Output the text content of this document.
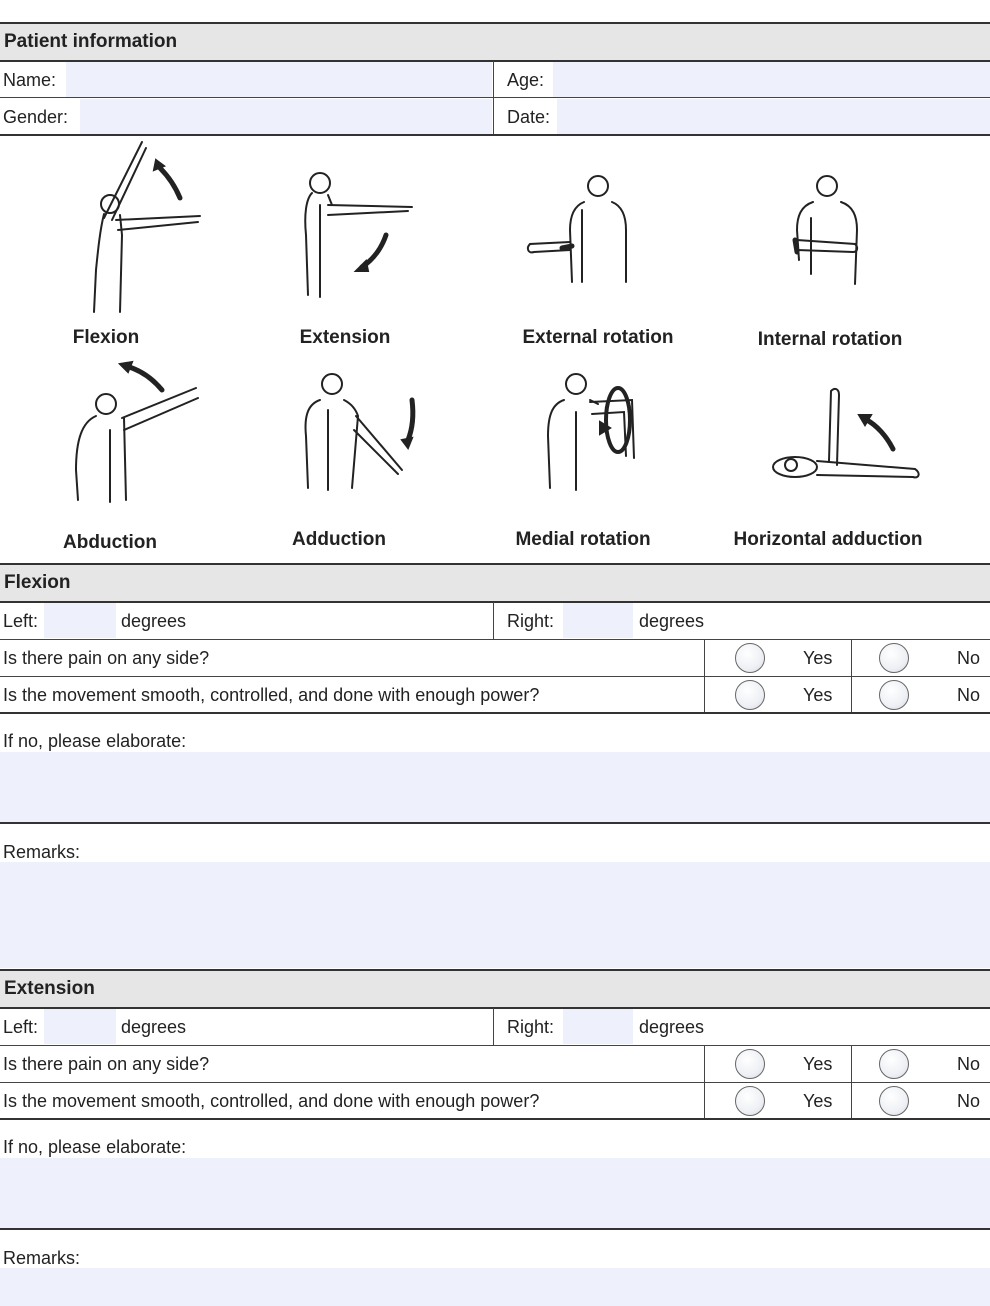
Patient information
Name:	Age:
Gender:	Date:
Flexion	Extension	External rotation	Internal rotation
Abduction	Adduction	Medial rotation	Horizontal adduction
Flexion
Left:	degrees	Right:	degrees
Is there pain on any side?	Yes	No
Is the movement smooth, controlled, and done with enough power?	Yes	No
If no, please elaborate:
Remarks:
Extension
Left:	degrees	Right:	degrees
Is there pain on any side?	Yes	No
Is the movement smooth, controlled, and done with enough power?	Yes	No
If no, please elaborate:
Remarks:
